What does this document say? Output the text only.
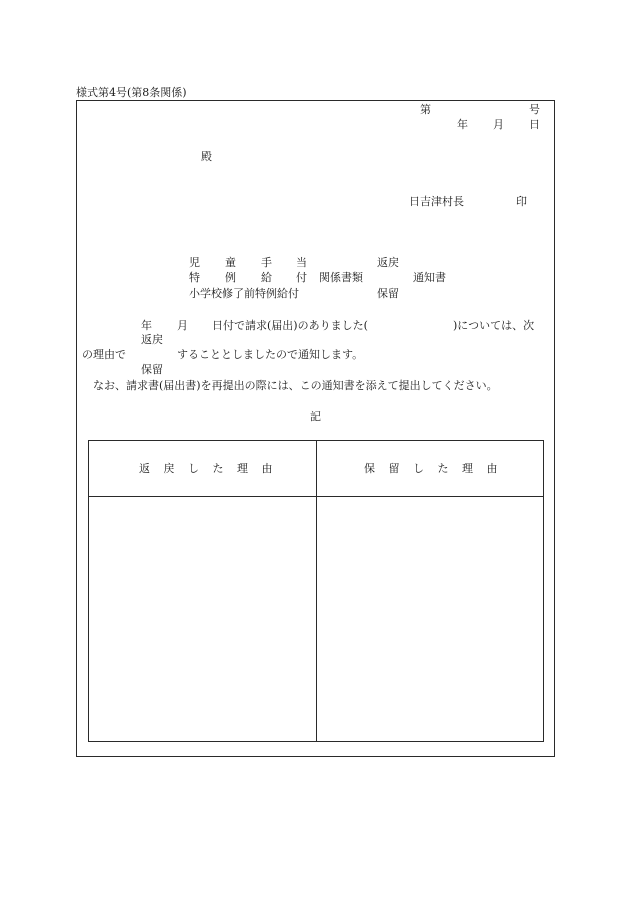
様式第4号(第8条関係)
第	号
年 月 日
殿
日吉津村長	印
児 童 手 当	返戻
特 例 給 付 関係書類	通知書
小学校修了前特例給付	保留
年 月 日付で請求(届出)のありました(	)については、次
返戻
の理由で	することとしましたので通知します。
保留
なお、請求書(届出書)を再提出の際には、この通知書を添えて提出してください。
記
返 戻 し た 理 由	保 留 し た 理 由
